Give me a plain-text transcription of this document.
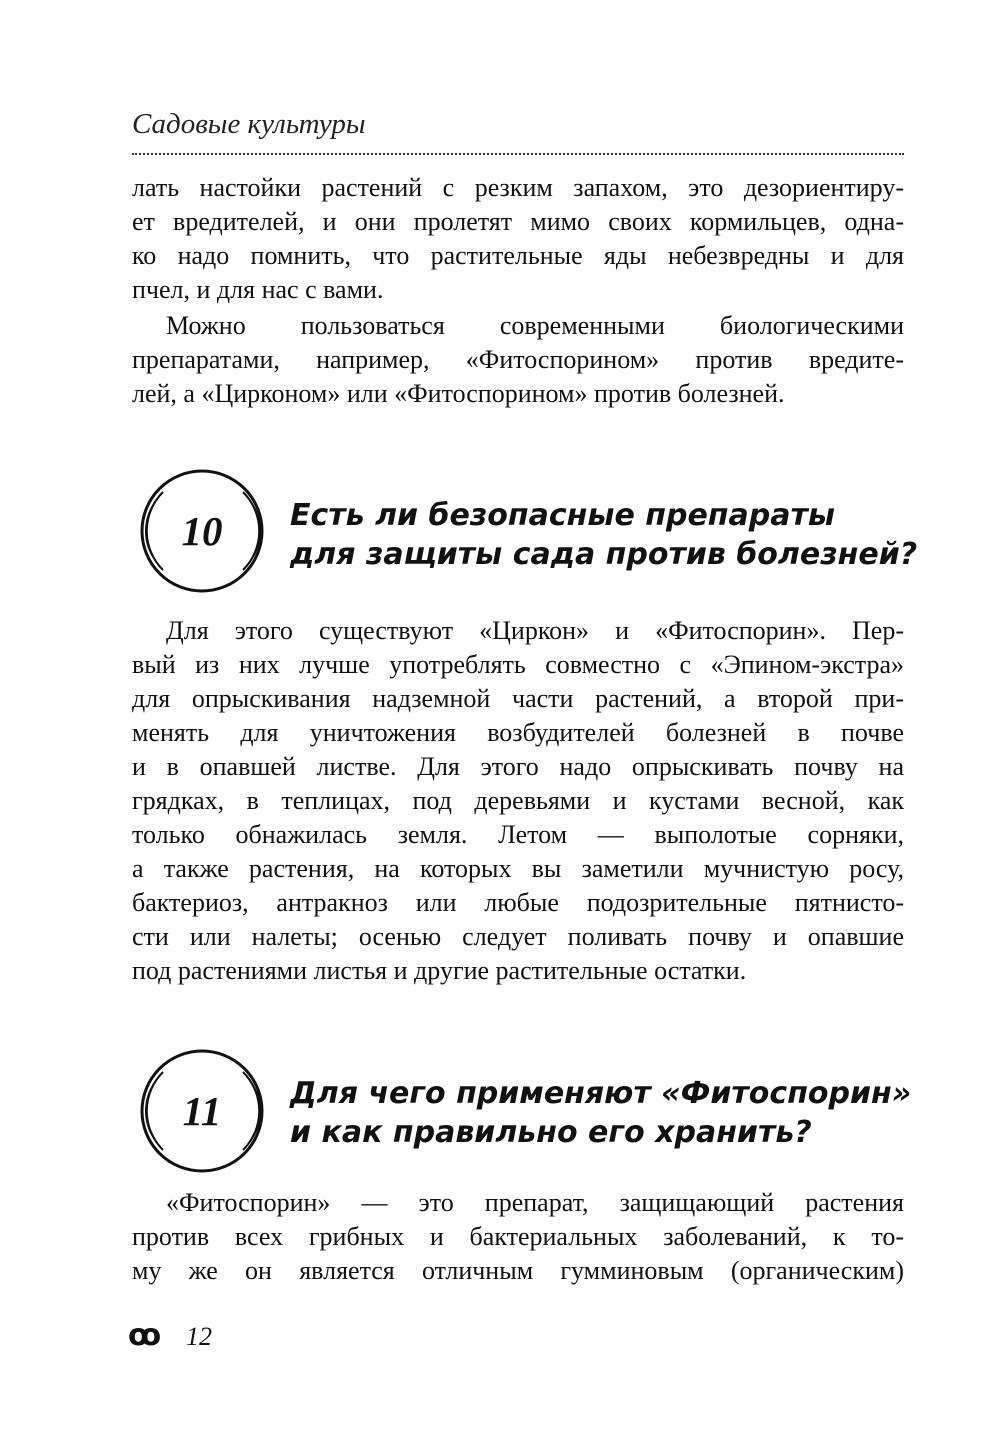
Садовые культуры
лать настойки растений с резким запахом, это дезориентиру-
ет вредителей, и они пролетят мимо своих кормильцев, одна-
ко надо помнить, что растительные яды небезвредны и для
пчел, и для нас с вами.
Можно пользоваться современными биологическими
препаратами, например, «Фитоспорином» против вредите-
лей, а «Цирконом» или «Фитоспорином» против болезней.
10	Есть ли безопасные препараты
для защиты сада против болезней?
Для этого существуют «Циркон» и «Фитоспорин». Пер-
вый из них лучше употреблять совместно с «Эпином-экстра»
для опрыскивания надземной части растений, а второй при-
менять для уничтожения возбудителей болезней в почве
и в опавшей листве. Для этого надо опрыскивать почву на
грядках, в теплицах, под деревьями и кустами весной, как
только обнажилась земля. Летом — выполотые сорняки,
а также растения, на которых вы заметили мучнистую росу,
бактериоз, антракноз или любые подозрительные пятнисто-
сти или налеты; осенью следует поливать почву и опавшие
под растениями листья и другие растительные остатки.
11	Для чего применяют «Фитоспорин»
и как правильно его хранить?
«Фитоспорин» — это препарат, защищающий растения
против всех грибных и бактериальных заболеваний, к то-
му же он является отличным гумминовым (органическим)
ꝏ 12
